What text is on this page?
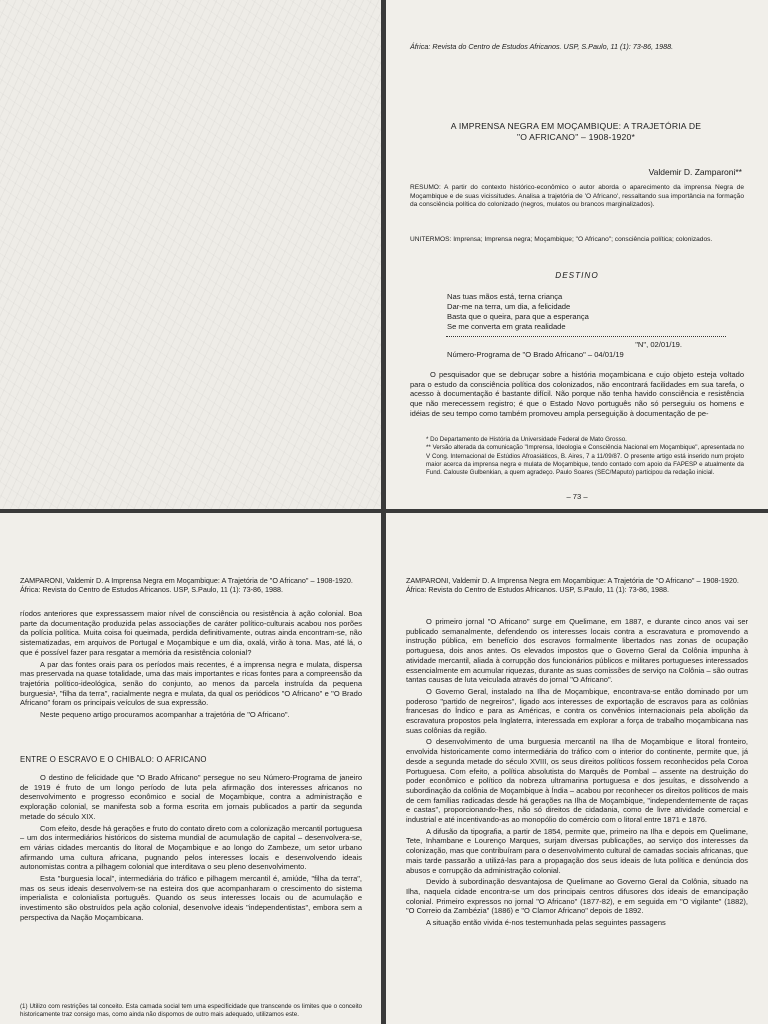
África: Revista do Centro de Estudos Africanos. USP, S.Paulo, 11 (1): 73-86, 1988.
A IMPRENSA NEGRA EM MOÇAMBIQUE: A TRAJETÓRIA DE
"O AFRICANO" – 1908-1920*
Valdemir D. Zamparoni**
RESUMO: A partir do contexto histórico-econômico o autor aborda o aparecimento da imprensa Negra de Moçambique e de suas vicissitudes. Analisa a trajetória de 'O Africano', ressaltando sua importância na formação da consciência política do colonizado (negros, mulatos ou brancos marginalizados).
UNITERMOS: Imprensa; Imprensa negra; Moçambique; "O Africano"; consciência política; colonizados.
DESTINO
Nas tuas mãos está, terna criança
Dar-me na terra, um dia, a felicidade
Basta que o queira, para que a esperança
Se me converta em grata realidade
"N", 02/01/19.
Número-Programa de "O Brado Africano" – 04/01/19

O pesquisador que se debruçar sobre a história moçambicana e cujo objeto esteja voltado para o estudo da consciência política dos colonizados, não encontrará facilidades em sua tarefa, o acesso à documentação é bastante difícil. Não porque não tenha havido consciência e resistência que não merecessem registro; é que o Estado Novo português não só perseguiu os homens e idéias de seu tempo como também promoveu ampla perseguição à documentação de pe-

* Do Departamento de História da Universidade Federal de Mato Grosso.
** Versão alterada da comunicação "Imprensa, Ideologia e Consciência Nacional em Moçambique", apresentada no V Cong. Internacional de Estúdios Afroasiáticos, B. Aires, 7 a 11/09/87. O presente artigo está inserido num projeto maior acerca da imprensa negra e mulata de Moçambique, tendo contado com apoio da FAPESP e atualmente da Fund. Calouste Gulbenkian, a quem agradeço. Paulo Soares (SEC/Maputo) participou da redação inicial.
– 73 –
ZAMPARONI, Valdemir D. A Imprensa Negra em Moçambique: A Trajetória de "O Africano" – 1908-1920. África: Revista do Centro de Estudos Africanos. USP, S.Paulo, 11 (1): 73-86, 1988.

ríodos anteriores que expressassem maior nível de consciência ou resistência à ação colonial. Boa parte da documentação produzida pelas associações de caráter político-culturais acabou nos porões da polícia política. Muita coisa foi queimada, perdida definitivamente, outras ainda encontram-se, não sistematizadas, em arquivos de Portugal e Moçambique e um dia, oxalá, virão à tona. Mas, até lá, o que é possível fazer para resgatar a memória da resistência colonial?

A par das fontes orais para os períodos mais recentes, é a imprensa negra e mulata, dispersa mas preservada na quase totalidade, uma das mais importantes e ricas fontes para a compreensão da trajetória político-ideológica, senão do conjunto, ao menos da parcela instruída da pequena burguesia¹, "filha da terra", racialmente negra e mulata, da qual os periódicos "O Africano" e "O Brado Africano" foram os principais veículos de sua expressão.

Neste pequeno artigo procuramos acompanhar a trajetória de "O Africano".

ENTRE O ESCRAVO E O CHIBALO: O AFRICANO

O destino de felicidade que "O Brado Africano" persegue no seu Número-Programa de janeiro de 1919 é fruto de um longo período de luta pela afirmação dos interesses africanos no desenvolvimento e progresso econômico e social de Moçambique, contra a administração e exploração colonial, se manifesta sob a forma escrita em jornais publicados a partir da segunda metade do século XIX.

Com efeito, desde há gerações e fruto do contato direto com a colonização mercantil portuguesa – um dos intermediários históricos do sistema mundial de acumulação de capital – desenvolvera-se, em várias cidades mercantis do litoral de Moçambique e ao longo do Zambeze, um setor urbano afirmando uma cultura africana, pugnando pelos interesses locais e desenvolvendo ideais autonomistas contra a pilhagem colonial que interditava o seu pleno desenvolvimento.

Esta "burguesia local", intermediária do tráfico e pilhagem mercantil é, amiúde, "filha da terra", mas os seus ideais desenvolvem-se na esteira dos que acompanharam o crescimento do sistema imperialista e colonialista português. Quando os seus interesses locais ou de acumulação e investimento são obstruídos pela ação colonial, desenvolve ideais "independentistas", embora sem a perspectiva da Nação Moçambicana.

(1) Utilizo com restrições tal conceito. Esta camada social tem uma especificidade que transcende os limites que o conceito historicamente traz consigo mas, como ainda não dispomos de outro mais adequado, utilizamos este.
ZAMPARONI, Valdemir D. A Imprensa Negra em Moçambique: A Trajetória de "O Africano" – 1908-1920. África: Revista do Centro de Estudos Africanos. USP, S.Paulo, 11 (1): 73-86, 1988.

O primeiro jornal "O Africano" surge em Quelimane, em 1887, e durante cinco anos vai ser publicado semanalmente, defendendo os interesses locais contra a escravatura e promovendo a instrução pública, em benefício dos escravos formalmente libertados nas zonas de ocupação portuguesa, dois anos antes. Os elevados impostos que o Governo Geral da Colônia impunha à atividade mercantil, aliada à corrupção dos funcionários públicos e militares portugueses interessados essencialmente em acumular riquezas, durante as suas comissões de serviço na Colônia – são outras tantas causas de luta veiculada através do jornal "O Africano".

O Governo Geral, instalado na Ilha de Moçambique, encontrava-se então dominado por um poderoso "partido de negreiros", ligado aos interesses de exportação de escravos para as colônias francesas do Índico e para as Américas, e contra os convênios internacionais pela abolição da escravatura propostos pela Inglaterra, interessada em explorar a força de trabalho moçambicana nas suas colônias da região.

O desenvolvimento de uma burguesia mercantil na Ilha de Moçambique e litoral fronteiro, envolvida historicamente como intermediária do tráfico com o interior do continente, permite que, já desde a segunda metade do século XVIII, os seus direitos políticos fossem reconhecidos pela Coroa Portuguesa. Com efeito, a política absolutista do Marquês de Pombal – assente na destruição do poder econômico e político da nobreza ultramarina portuguesa e dos jesuítas, e dissolvendo a subordinação da colônia de Moçambique à Índia – acabou por reconhecer os direitos políticos de mais de cem famílias radicadas desde há gerações na Ilha de Moçambique, "independentemente de raças e castas", proporcionando-lhes, não só direitos de cidadania, como de livre atividade comercial e industrial e até incentivando-as ao monopólio do comércio com o litoral entre 1871 e 1876.

A difusão da tipografia, a partir de 1854, permite que, primeiro na Ilha e depois em Quelimane, Tete, Inhambane e Lourenço Marques, surjam diversas publicações, ao serviço dos interesses da colonização, mas que contribuíram para o desenvolvimento cultural de camadas sociais africanas, que mais tarde passarão a utilizá-las para a propagação dos seus ideais de luta política e denúncia dos abusos e corrupção da administração colonial.

Devido à subordinação desvantajosa de Quelimane ao Governo Geral da Colônia, situado na Ilha, naquela cidade encontra-se um dos principais centros difusores dos ideais de emancipação colonial. Primeiro expressos no jornal "O Africano" (1877-82), e em seguida em "O vigilante" (1882), "O Correio da Zambézia" (1886) e "O Clamor Africano" depois de 1892.

A situação então vivida é-nos testemunhada pelas seguintes passagens
